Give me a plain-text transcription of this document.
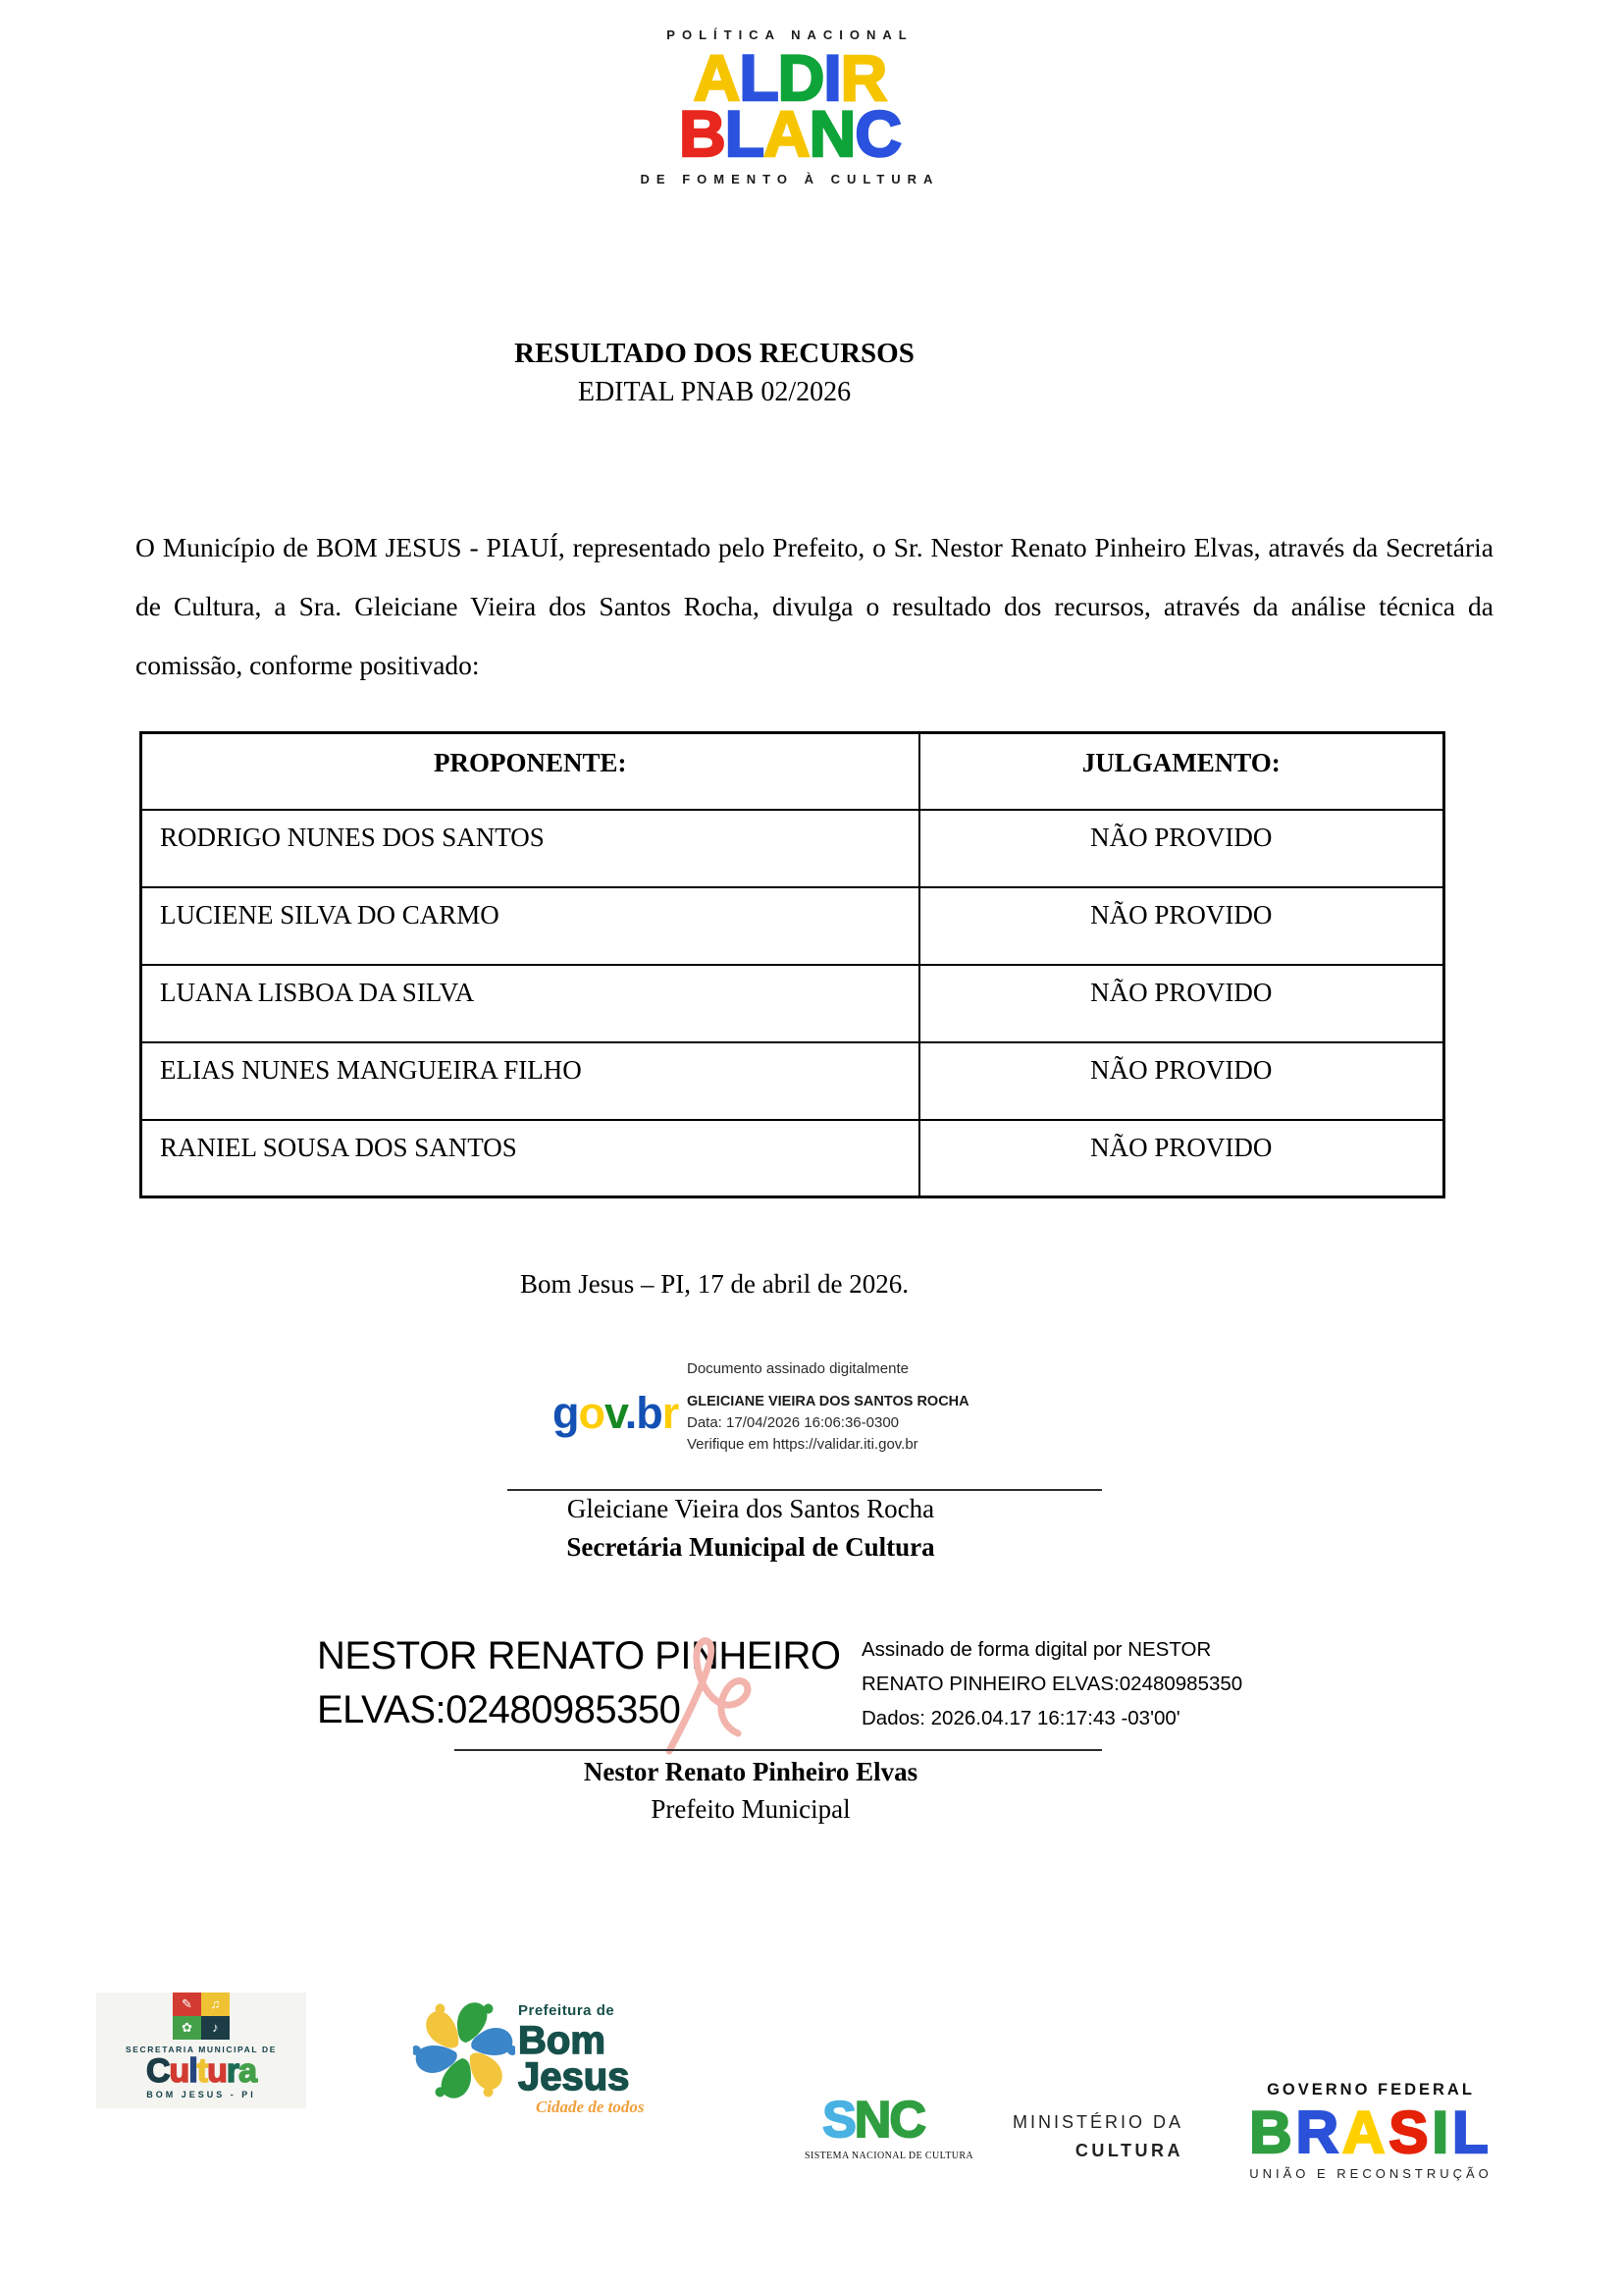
POLÍTICA NACIONAL
ALDIR
BLANC
DE FOMENTO À CULTURA
RESULTADO DOS RECURSOS
EDITAL PNAB 02/2026
O Município de BOM JESUS - PIAUÍ, representado pelo Prefeito, o Sr. Nestor Renato Pinheiro Elvas, através da Secretária de Cultura, a Sra. Gleiciane Vieira dos Santos Rocha, divulga o resultado dos recursos, através da análise técnica da comissão, conforme positivado:
PROPONENTE:	JULGAMENTO:
RODRIGO NUNES DOS SANTOS	NÃO PROVIDO
LUCIENE SILVA DO CARMO	NÃO PROVIDO
LUANA LISBOA DA SILVA	NÃO PROVIDO
ELIAS NUNES MANGUEIRA FILHO	NÃO PROVIDO
RANIEL SOUSA DOS SANTOS	NÃO PROVIDO
Bom Jesus – PI, 17 de abril de 2026.
gov.br
Documento assinado digitalmente
GLEICIANE VIEIRA DOS SANTOS ROCHA
Data: 17/04/2026 16:06:36-0300
Verifique em https://validar.iti.gov.br
Gleiciane Vieira dos Santos Rocha
Secretária Municipal de Cultura
NESTOR RENATO PINHEIRO
ELVAS:02480985350
Assinado de forma digital por NESTOR
RENATO PINHEIRO ELVAS:02480985350
Dados: 2026.04.17 16:17:43 -03'00'
Nestor Renato Pinheiro Elvas
Prefeito Municipal
✎	♫
✿	♪
SECRETARIA MUNICIPAL DE
Cultura
BOM JESUS - PI
Prefeitura de
Bom
Jesus
Cidade de todos	SNC
SISTEMA NACIONAL DE CULTURA
MINISTÉRIO DA
CULTURA
GOVERNO FEDERAL
BRASIL
UNIÃO E RECONSTRUÇÃO
